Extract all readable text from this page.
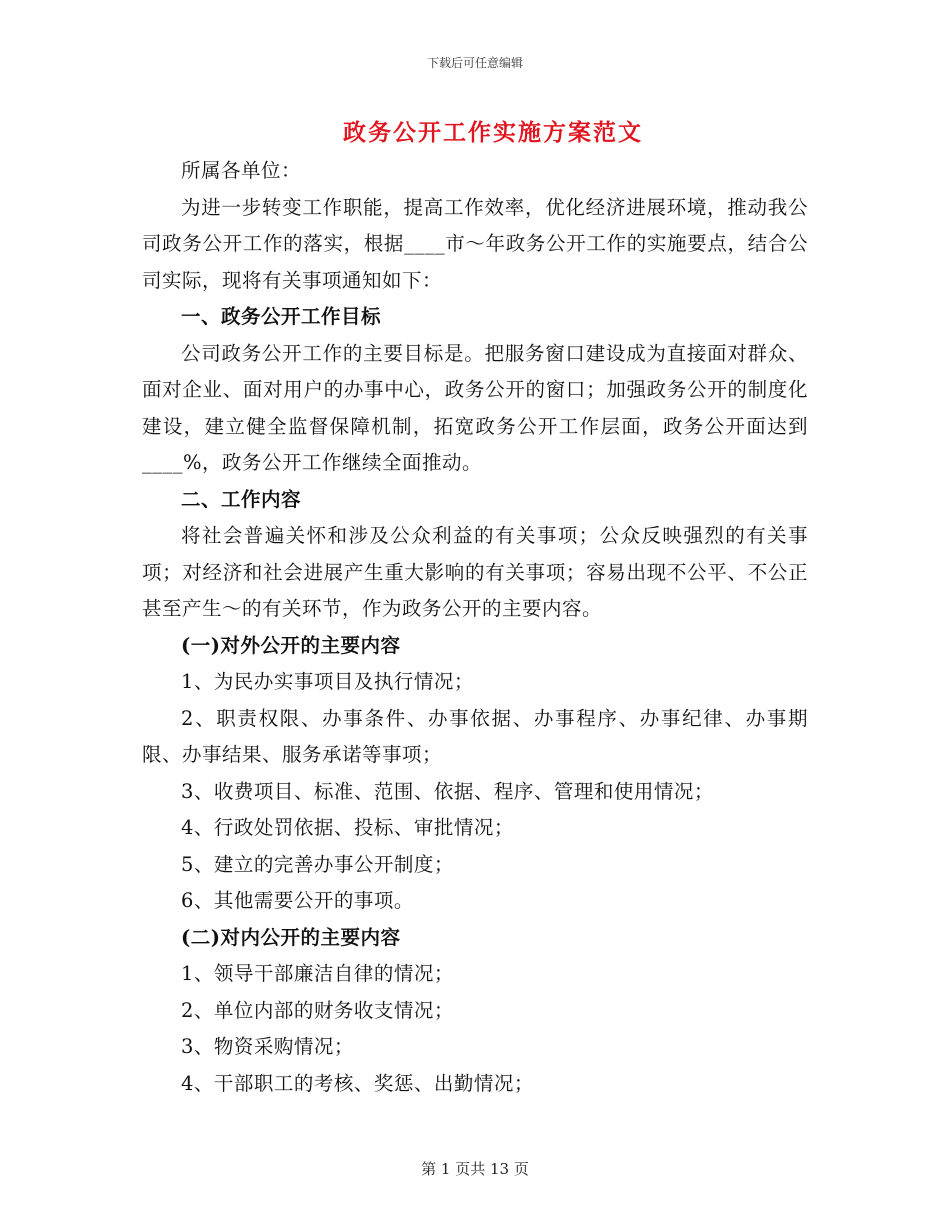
下载后可任意编辑
政务公开工作实施方案范文

所属各单位：

为进一步转变工作职能，提高工作效率，优化经济进展环境，推动我公司政务公开工作的落实，根据____市～年政务公开工作的实施要点，结合公司实际，现将有关事项通知如下：

一、政务公开工作目标

公司政务公开工作的主要目标是。把服务窗口建设成为直接面对群众、面对企业、面对用户的办事中心，政务公开的窗口；加强政务公开的制度化建设，建立健全监督保障机制，拓宽政务公开工作层面，政务公开面达到____%，政务公开工作继续全面推动。

二、工作内容

将社会普遍关怀和涉及公众利益的有关事项；公众反映强烈的有关事项；对经济和社会进展产生重大影响的有关事项；容易出现不公平、不公正甚至产生～的有关环节，作为政务公开的主要内容。

(一)对外公开的主要内容

1、为民办实事项目及执行情况；

2、职责权限、办事条件、办事依据、办事程序、办事纪律、办事期限、办事结果、服务承诺等事项；

3、收费项目、标准、范围、依据、程序、管理和使用情况；

4、行政处罚依据、投标、审批情况；

5、建立的完善办事公开制度；

6、其他需要公开的事项。

(二)对内公开的主要内容

1、领导干部廉洁自律的情况；

2、单位内部的财务收支情况；

3、物资采购情况；

4、干部职工的考核、奖惩、出勤情况；

第 1 页共 13 页
